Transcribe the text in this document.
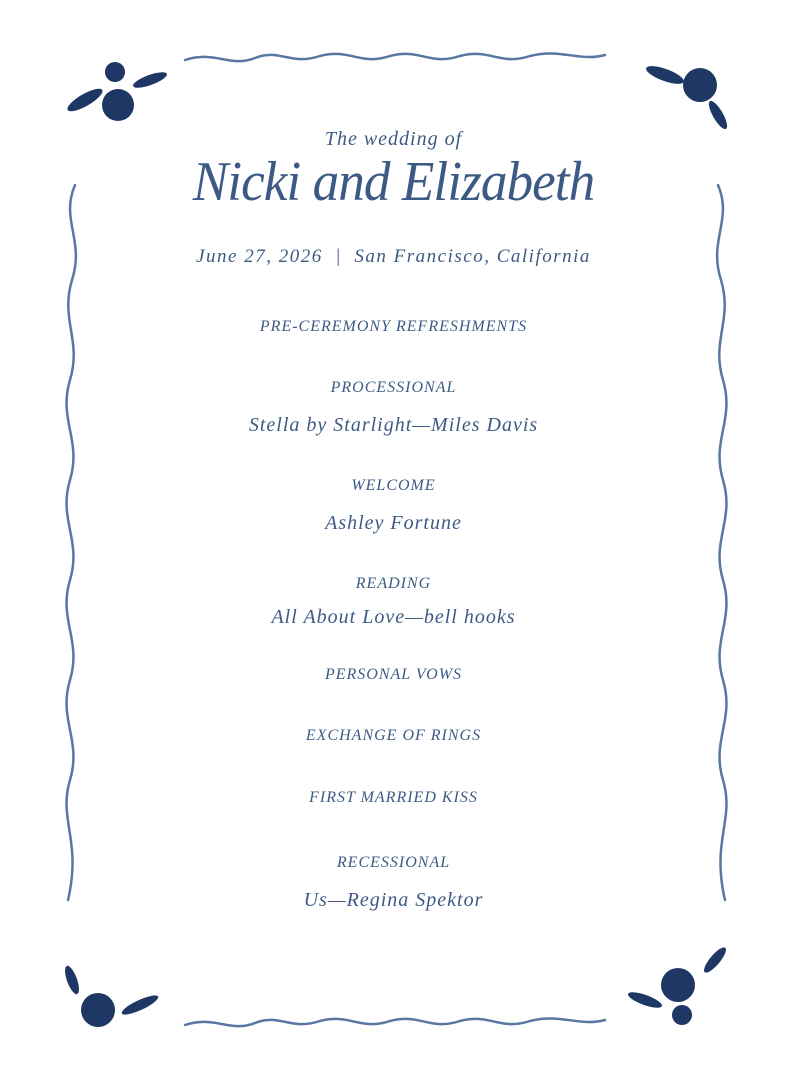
The wedding of
Nicki and Elizabeth
June 27, 2026  |  San Francisco, California
PRE-CEREMONY REFRESHMENTS
PROCESSIONAL
Stella by Starlight—Miles Davis
WELCOME
Ashley Fortune
READING
All About Love—bell hooks
PERSONAL VOWS
EXCHANGE OF RINGS
FIRST MARRIED KISS
RECESSIONAL
Us—Regina Spektor
